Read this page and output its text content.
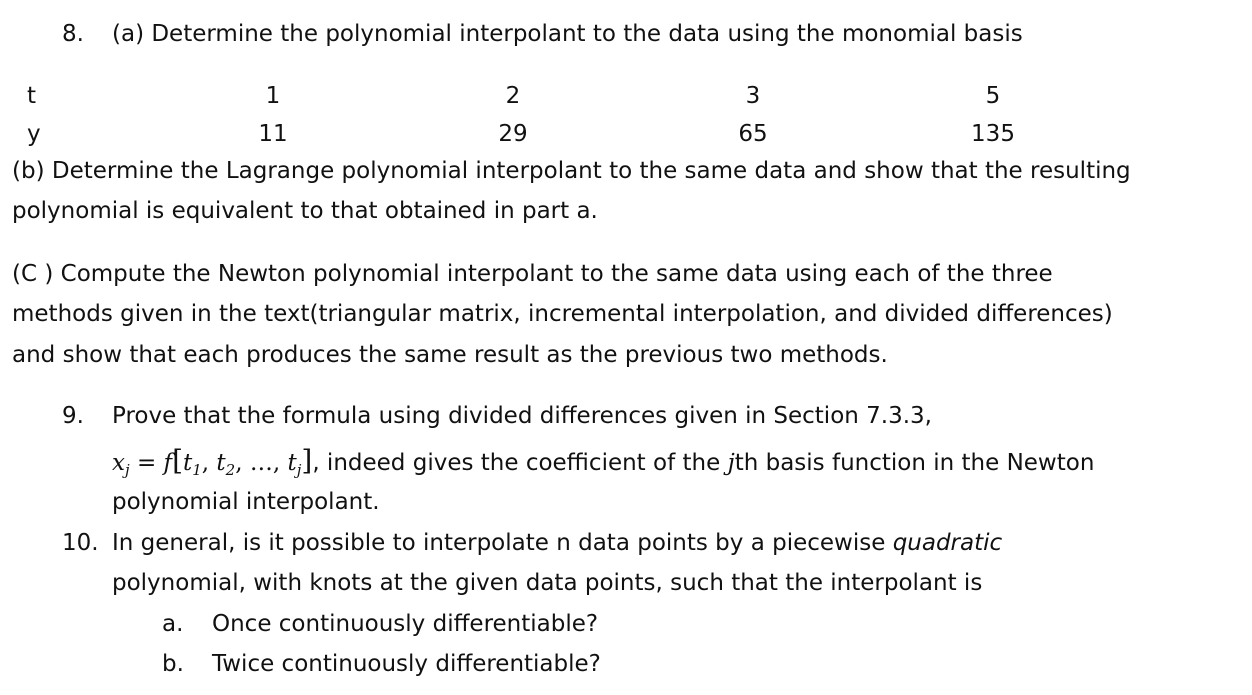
8. (a) Determine the polynomial interpolant to the data using the monomial basis
t	1	2	3	5
y	11	29	65	135
(b) Determine the Lagrange polynomial interpolant to the same data and show that the resulting
polynomial is equivalent to that obtained in part a.
(C ) Compute the Newton polynomial interpolant to the same data using each of the three
methods given in the text(triangular matrix, incremental interpolation, and divided differences)
and show that each produces the same result as the previous two methods.
9. Prove that the formula using divided differences given in Section 7.3.3,
$x_j = f[t_1$, $t_2$, …, $t_j$], indeed gives the coefficient of the jth basis function in the Newton
polynomial interpolant.
10. In general, is it possible to interpolate n data points by a piecewise quadratic
polynomial, with knots at the given data points, such that the interpolant is
a. Once continuously differentiable?
b. Twice continuously differentiable?
